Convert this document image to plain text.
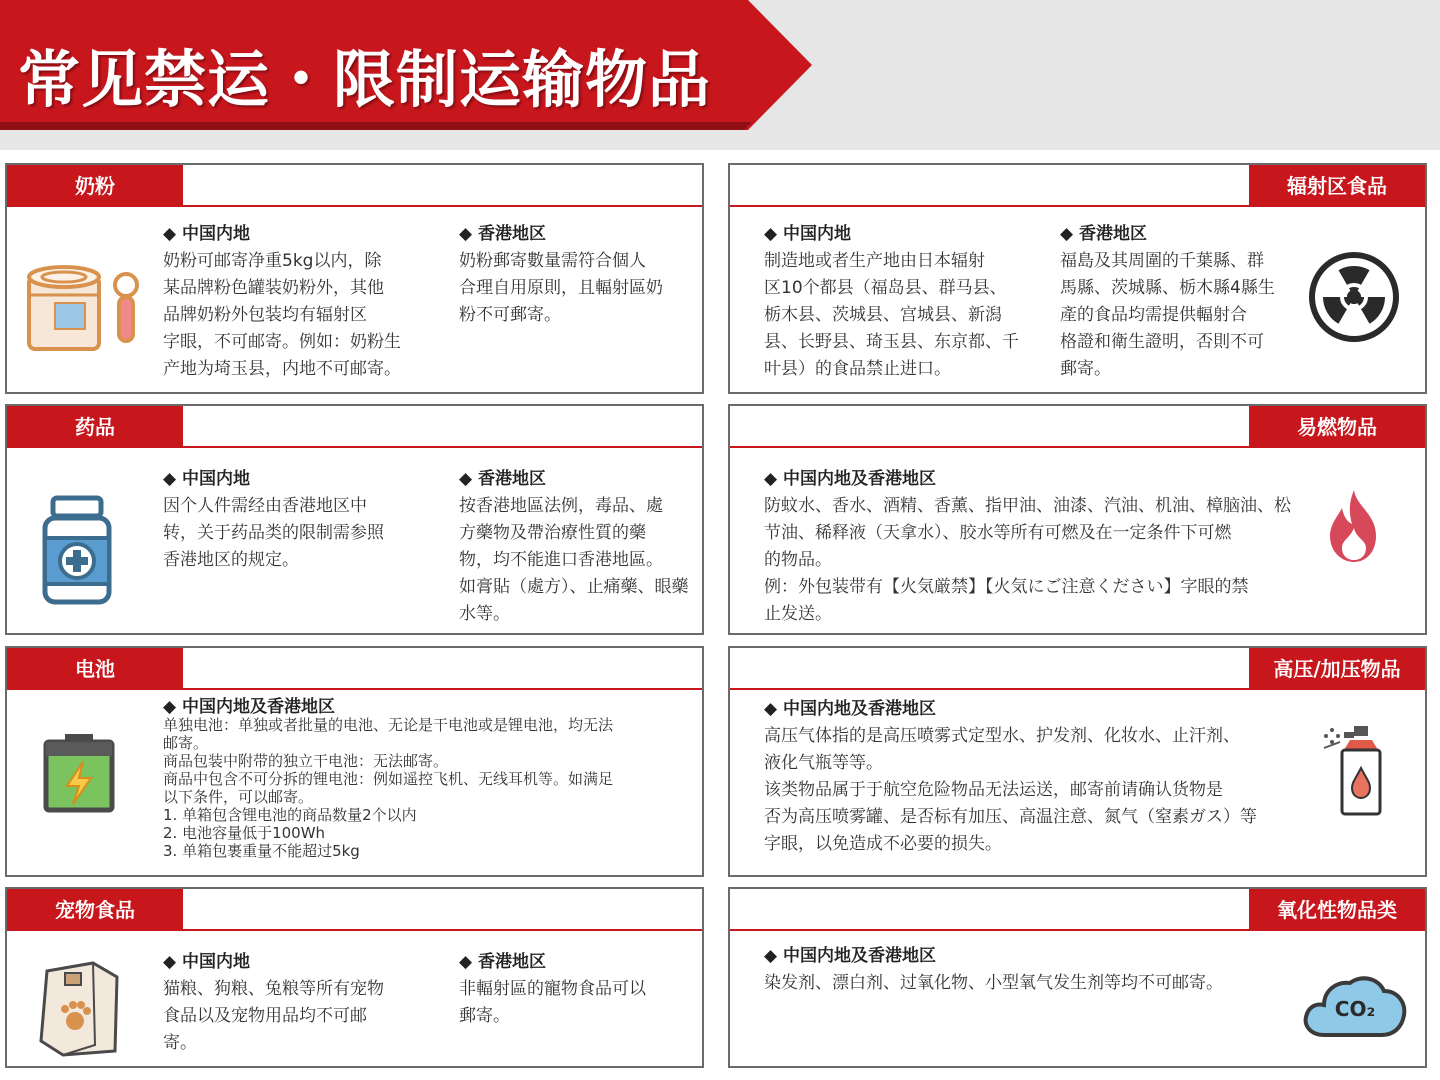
常见禁运・限制运输物品
奶粉
◆ 中国内地
奶粉可邮寄净重5kg以内，除
某品牌粉色罐装奶粉外，其他
品牌奶粉外包装均有辐射区
字眼，不可邮寄。例如：奶粉生
产地为埼玉县，内地不可邮寄。
◆ 香港地区
奶粉郵寄數量需符合個人
合理自用原則，且輻射區奶
粉不可郵寄。
辐射区食品
◆ 中国内地
制造地或者生产地由日本辐射
区10个都县（福岛县、群马县、
栃木县、茨城县、宫城县、新潟
县、长野县、琦玉县、东京都、千
叶县）的食品禁止进口。
◆ 香港地区
福島及其周圍的千葉縣、群
馬縣、茨城縣、栃木縣4縣生
產的食品均需提供輻射合
格證和衛生證明，否則不可
郵寄。
药品
◆ 中国内地
因个人件需经由香港地区中
转，关于药品类的限制需参照
香港地区的规定。
◆ 香港地区
按香港地區法例，毒品、處
方藥物及帶治療性質的藥
物，均不能進口香港地區。
如膏貼（處方）、止痛藥、眼藥
水等。
易燃物品
◆ 中国内地及香港地区
防蚊水、香水、酒精、香薰、指甲油、油漆、汽油、机油、樟脑油、松
节油、稀释液（天拿水）、胶水等所有可燃及在一定条件下可燃
的物品。
例：外包装带有【火気厳禁】【火気にご注意ください】字眼的禁
止发送。
电池
◆ 中国内地及香港地区
单独电池：单独或者批量的电池、无论是干电池或是锂电池，均无法
邮寄。
商品包装中附带的独立干电池：无法邮寄。
商品中包含不可分拆的锂电池：例如遥控飞机、无线耳机等。如满足
以下条件，可以邮寄。
1. 单箱包含锂电池的商品数量2个以内
2. 电池容量低于100Wh
3. 单箱包裹重量不能超过5kg
高压/加压物品
◆ 中国内地及香港地区
高压气体指的是高压喷雾式定型水、护发剂、化妆水、止汗剂、
液化气瓶等等。
该类物品属于于航空危险物品无法运送，邮寄前请确认货物是
否为高压喷雾罐、是否标有加压、高温注意、氮气（窒素ガス）等
字眼，以免造成不必要的损失。
宠物食品
◆ 中国内地
猫粮、狗粮、兔粮等所有宠物
食品以及宠物用品均不可邮
寄。
◆ 香港地区
非輻射區的寵物食品可以
郵寄。
氧化性物品类
◆ 中国内地及香港地区
染发剂、漂白剂、过氧化物、小型氧气发生剂等均不可邮寄。
CO₂
